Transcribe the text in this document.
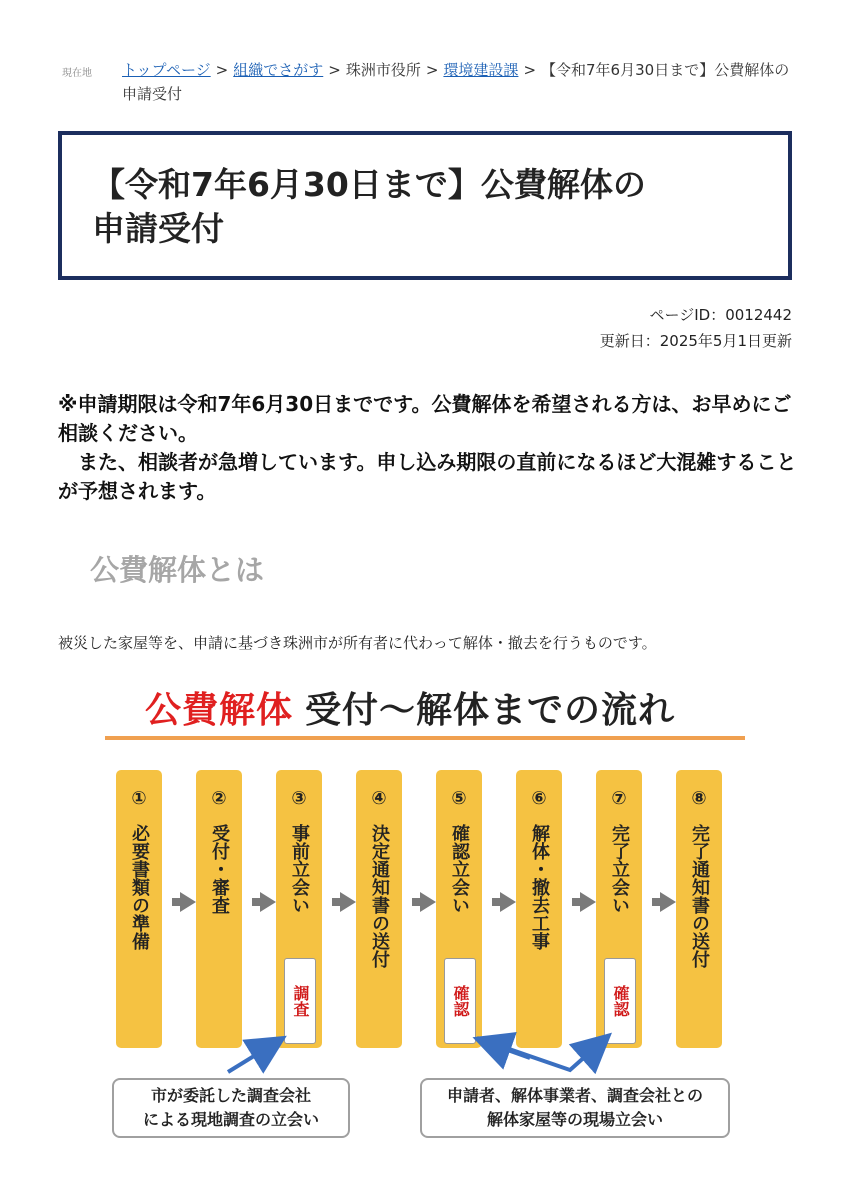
現在地 トップページ > 組織でさがす > 珠洲市役所 > 環境建設課 > 【令和7年6月30日まで】公費解体の申請受付
【令和7年6月30日まで】公費解体の
申請受付
ページID：0012442
更新日：2025年5月1日更新

※申請期限は令和7年6月30日までです。公費解体を希望される方は、お早めにご相談ください。

　また、相談者が急増しています。申し込み期限の直前になるほど大混雑することが予想されます。

公費解体とは
被災した家屋等を、申請に基づき珠洲市が所有者に代わって解体・撤去を行うものです。
公費解体 受付〜解体までの流れ
①
必要書類の準備
②
受付・審査
③
事前立会い
調査
④
決定通知書の送付
⑤
確認立会い
確認
⑥
解体・撤去工事
⑦
完了立会い
確認
⑧
完了通知書の送付
市が委託した調査会社
による現地調査の立会い
申請者、解体事業者、調査会社との
解体家屋等の現場立会い
